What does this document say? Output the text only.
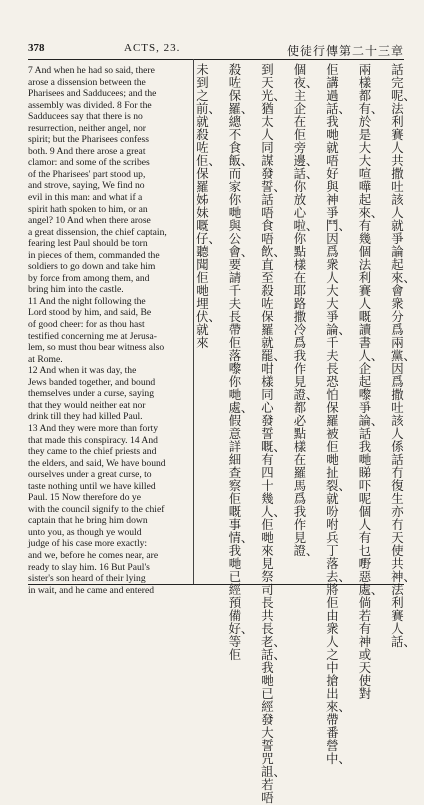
378	ACTS, 23.	使徒行傳第二十三章

7 And when he had so said, there

arose a dissension between the

Pharisees and Sadducees; and the

assembly was divided. 8 For the

Sadducees say that there is no

resurrection, neither angel, nor

spirit; but the Pharisees confess

both. 9 And there arose a great

clamor: and some of the scribes

of the Pharisees' part stood up,

and strove, saying, We find no

evil in this man: and what if a

spirit hath spoken to him, or an

angel? 10 And when there arose

a great dissension, the chief captain,

fearing lest Paul should be torn

in pieces of them, commanded the

soldiers to go down and take him

by force from among them, and

bring him into the castle.

11 And the night following the

Lord stood by him, and said, Be

of good cheer: for as thou hast

testified concerning me at Jerusa-

lem, so must thou bear witness also

at Rome.

12 And when it was day, the

Jews banded together, and bound

themselves under a curse, saying

that they would neither eat nor

drink till they had killed Paul.

13 And they were more than forty

that made this conspiracy. 14 And

they came to the chief priests and

the elders, and said, We have bound

ourselves under a great curse, to

taste nothing until we have killed

Paul. 15 Now therefore do ye

with the council signify to the chief

captain that he bring him down

unto you, as though ye would

judge of his case more exactly:

and we, before he comes near, are

ready to slay him. 16 But Paul's

sister's son heard of their lying

in wait, and he came and entered

話完呢、法利賽人共撒吐該人就爭論起來、會衆分爲兩黨、因爲撒吐該人係話冇復生亦冇天使共神、法利賽人話、
兩樣都有、於是大大喧嘩起來、有幾個法利賽人嘅讀書人、企起嚟爭論、話我哋睇吓呢個人有乜嘢惡處、倘若有神或天使對
佢講過話、我哋就唔好與神爭鬥、因爲衆人大大爭論、千夫長恐怕保羅被佢哋扯裂、就吩咐兵丁落去、將佢由衆人之中搶出來、帶番營中、
個夜、主企在佢旁邊、話、你放心啦、你點樣在耶路撒冷爲我作見證、都必點樣在羅馬爲我作見證、
到天光、猶太人同謀發誓、話唔食唔飲、直至殺咗保羅就罷、咁樣同心發誓嘅、有四十幾人、佢哋來見祭司長共長老、話、我哋已經發大誓咒詛、若唔
殺咗保羅、總不食飯、而家你哋與公會、要請千夫長帶佢落嚟你哋處、假意詳細查察佢嘅事情、我哋已經預備好、等佢
未到之前、就殺咗佢、保羅姊妹嘅仔、聽聞佢哋埋伏、就來
